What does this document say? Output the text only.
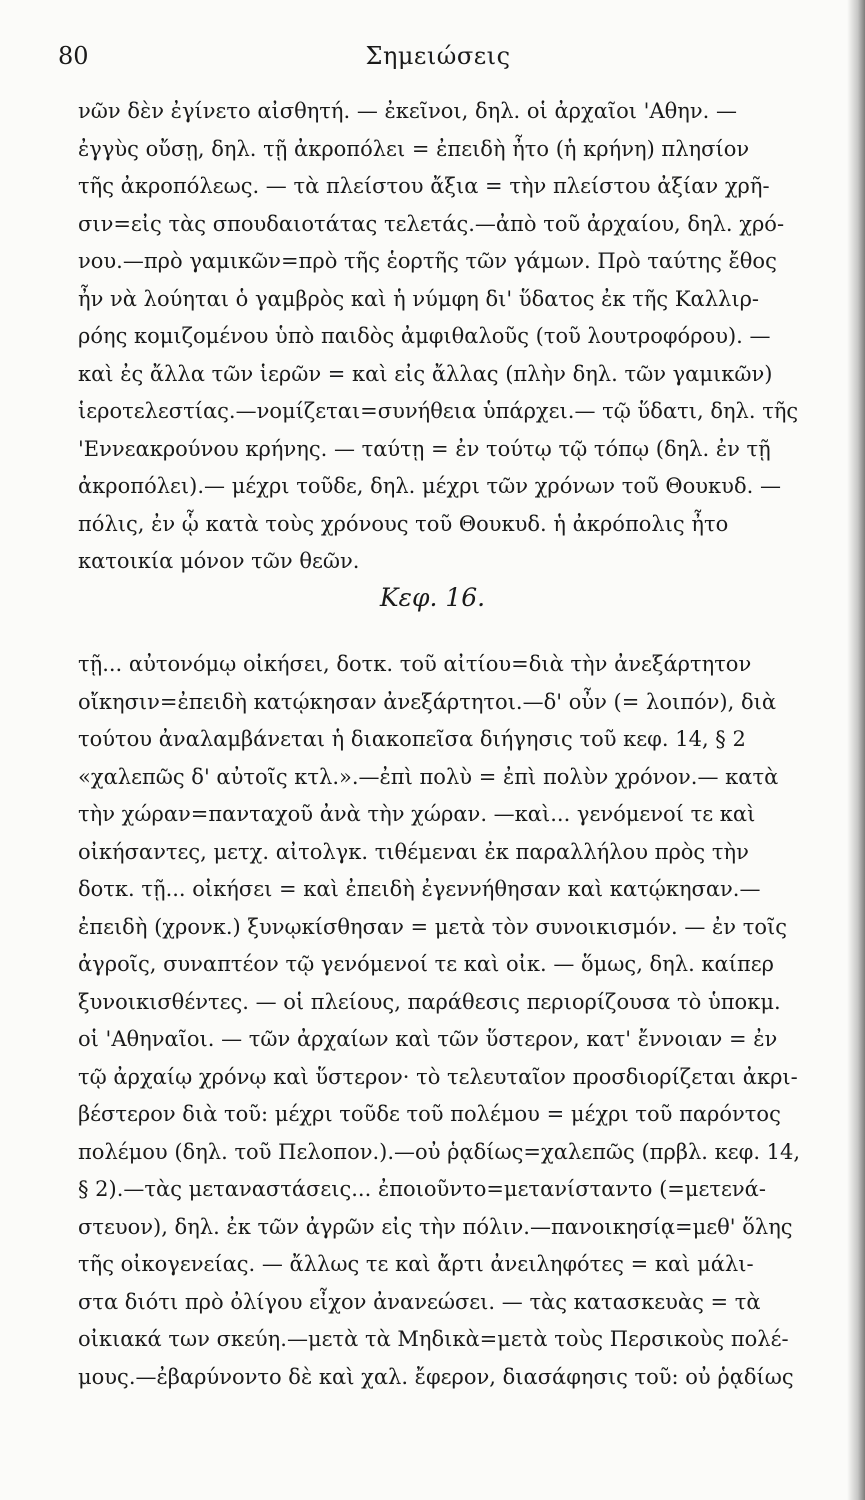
80	Σημειώσεις
νῶν δὲν ἐγίνετο αἰσθητή. — ἐκεῖνοι, δηλ. οἱ ἀρχαῖοι 'Αθην. —
ἐγγὺς οὔσῃ, δηλ. τῇ ἀκροπόλει = ἐπειδὴ ἦτο (ἡ κρήνη) πλησίον
τῆς ἀκροπόλεως. — τὰ πλείστου ἄξια = τὴν πλείστου ἀξίαν χρῆ-
σιν=εἰς τὰς σπουδαιοτάτας τελετάς.—ἀπὸ τοῦ ἀρχαίου, δηλ. χρό-
νου.—πρὸ γαμικῶν=πρὸ τῆς ἑορτῆς τῶν γάμων. Πρὸ ταύτης ἔθος
ἦν νὰ λούηται ὁ γαμβρὸς καὶ ἡ νύμφη δι' ὕδατος ἐκ τῆς Καλλιρ-
ρόης κομιζομένου ὑπὸ παιδὸς ἀμφιθαλοῦς (τοῦ λουτροφόρου). —
καὶ ἐς ἄλλα τῶν ἱερῶν = καὶ εἰς ἄλλας (πλὴν δηλ. τῶν γαμικῶν)
ἱεροτελεστίας.—νομίζεται=συνήθεια ὑπάρχει.— τῷ ὕδατι, δηλ. τῆς
'Εννεακρούνου κρήνης. — ταύτῃ = ἐν τούτῳ τῷ τόπῳ (δηλ. ἐν τῇ
ἀκροπόλει).— μέχρι τοῦδε, δηλ. μέχρι τῶν χρόνων τοῦ Θουκυδ. —
πόλις, ἐν ᾧ κατὰ τοὺς χρόνους τοῦ Θουκυδ. ἡ ἀκρόπολις ἦτο
κατοικία μόνον τῶν θεῶν.
Κεφ. 16.
τῇ... αὐτονόμῳ οἰκήσει, δοτκ. τοῦ αἰτίου=διὰ τὴν ἀνεξάρτητον
οἴκησιν=ἐπειδὴ κατῴκησαν ἀνεξάρτητοι.—δ' οὖν (= λοιπόν), διὰ
τούτου ἀναλαμβάνεται ἡ διακοπεῖσα διήγησις τοῦ κεφ. 14, § 2
«χαλεπῶς δ' αὐτοῖς κτλ.».—ἐπὶ πολὺ = ἐπὶ πολὺν χρόνον.— κατὰ
τὴν χώραν=πανταχοῦ ἀνὰ τὴν χώραν. —καὶ... γενόμενοί τε καὶ
οἰκήσαντες, μετχ. αἰτολγκ. τιθέμεναι ἐκ παραλλήλου πρὸς τὴν
δοτκ. τῇ... οἰκήσει = καὶ ἐπειδὴ ἐγεννήθησαν καὶ κατῴκησαν.—
ἐπειδὴ (χρονκ.) ξυνῳκίσθησαν = μετὰ τὸν συνοικισμόν. — ἐν τοῖς
ἀγροῖς, συναπτέον τῷ γενόμενοί τε καὶ οἰκ. — ὅμως, δηλ. καίπερ
ξυνοικισθέντες. — οἱ πλείους, παράθεσις περιορίζουσα τὸ ὑποκμ.
οἱ 'Αθηναῖοι. — τῶν ἀρχαίων καὶ τῶν ὕστερον, κατ' ἔννοιαν = ἐν
τῷ ἀρχαίῳ χρόνῳ καὶ ὕστερον· τὸ τελευταῖον προσδιορίζεται ἀκρι-
βέστερον διὰ τοῦ: μέχρι τοῦδε τοῦ πολέμου = μέχρι τοῦ παρόντος
πολέμου (δηλ. τοῦ Πελοπον.).—οὐ ῥᾳδίως=χαλεπῶς (πρβλ. κεφ. 14,
§ 2).—τὰς μεταναστάσεις... ἐποιοῦντο=μετανίσταντο (=μετενά-
στευον), δηλ. ἐκ τῶν ἀγρῶν εἰς τὴν πόλιν.—πανοικησίᾳ=μεθ' ὅλης
τῆς οἰκογενείας. — ἄλλως τε καὶ ἄρτι ἀνειληφότες = καὶ μάλι-
στα διότι πρὸ ὀλίγου εἶχον ἀνανεώσει. — τὰς κατασκευὰς = τὰ
οἰκιακά των σκεύη.—μετὰ τὰ Μηδικὰ=μετὰ τοὺς Περσικοὺς πολέ-
μους.—ἐβαρύνοντο δὲ καὶ χαλ. ἔφερον, διασάφησις τοῦ: οὐ ῥᾳδίως
